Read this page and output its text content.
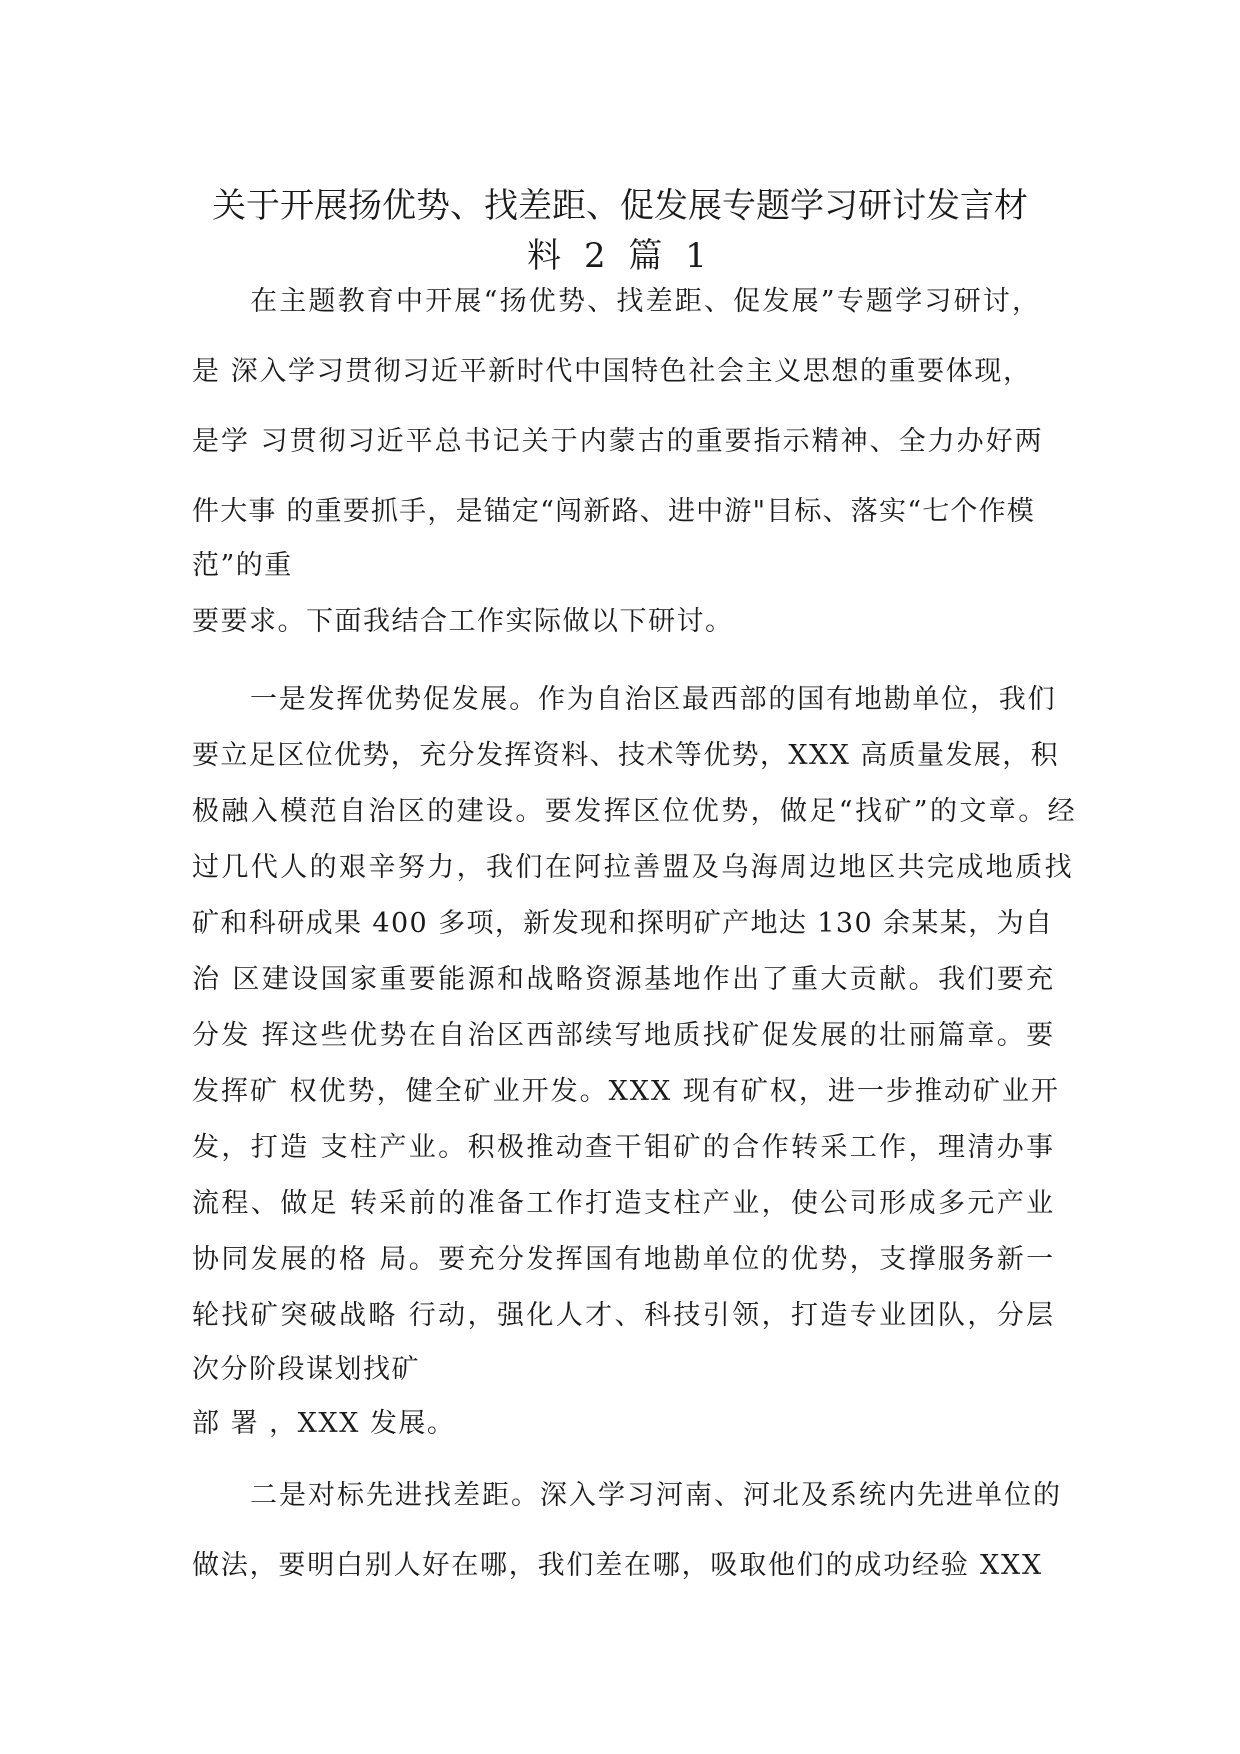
关于开展扬优势、找差距、促发展专题学习研讨发言材
料 2 篇 1
在主题教育中开展“扬优势、找差距、促发展”专题学习研讨，
是 深入学习贯彻习近平新时代中国特色社会主义思想的重要体现，
是学 习贯彻习近平总书记关于内蒙古的重要指示精神、全力办好两
件大事 的重要抓手，是锚定“闯新路、进中游"目标、落实“七个作模
范”的重
要要求。下面我结合工作实际做以下研讨。
一是发挥优势促发展。作为自治区最西部的国有地勘单位，我们
要立足区位优势，充分发挥资料、技术等优势，XXX 高质量发展，积
极融入模范自治区的建设。要发挥区位优势，做足“找矿”的文章。经
过几代人的艰辛努力，我们在阿拉善盟及乌海周边地区共完成地质找
矿和科研成果 400 多项，新发现和探明矿产地达 130 余某某，为自
治 区建设国家重要能源和战略资源基地作出了重大贡献。我们要充
分发 挥这些优势在自治区西部续写地质找矿促发展的壮丽篇章。要
发挥矿 权优势，健全矿业开发。XXX 现有矿权，进一步推动矿业开
发，打造 支柱产业。积极推动查干钼矿的合作转采工作，理清办事
流程、做足 转采前的准备工作打造支柱产业，使公司形成多元产业
协同发展的格 局。要充分发挥国有地勘单位的优势，支撑服务新一
轮找矿突破战略 行动，强化人才、科技引领，打造专业团队，分层
次分阶段谋划找矿
部 署 ，XXX 发展。
二是对标先进找差距。深入学习河南、河北及系统内先进单位的
做法，要明白别人好在哪，我们差在哪，吸取他们的成功经验 XXX
